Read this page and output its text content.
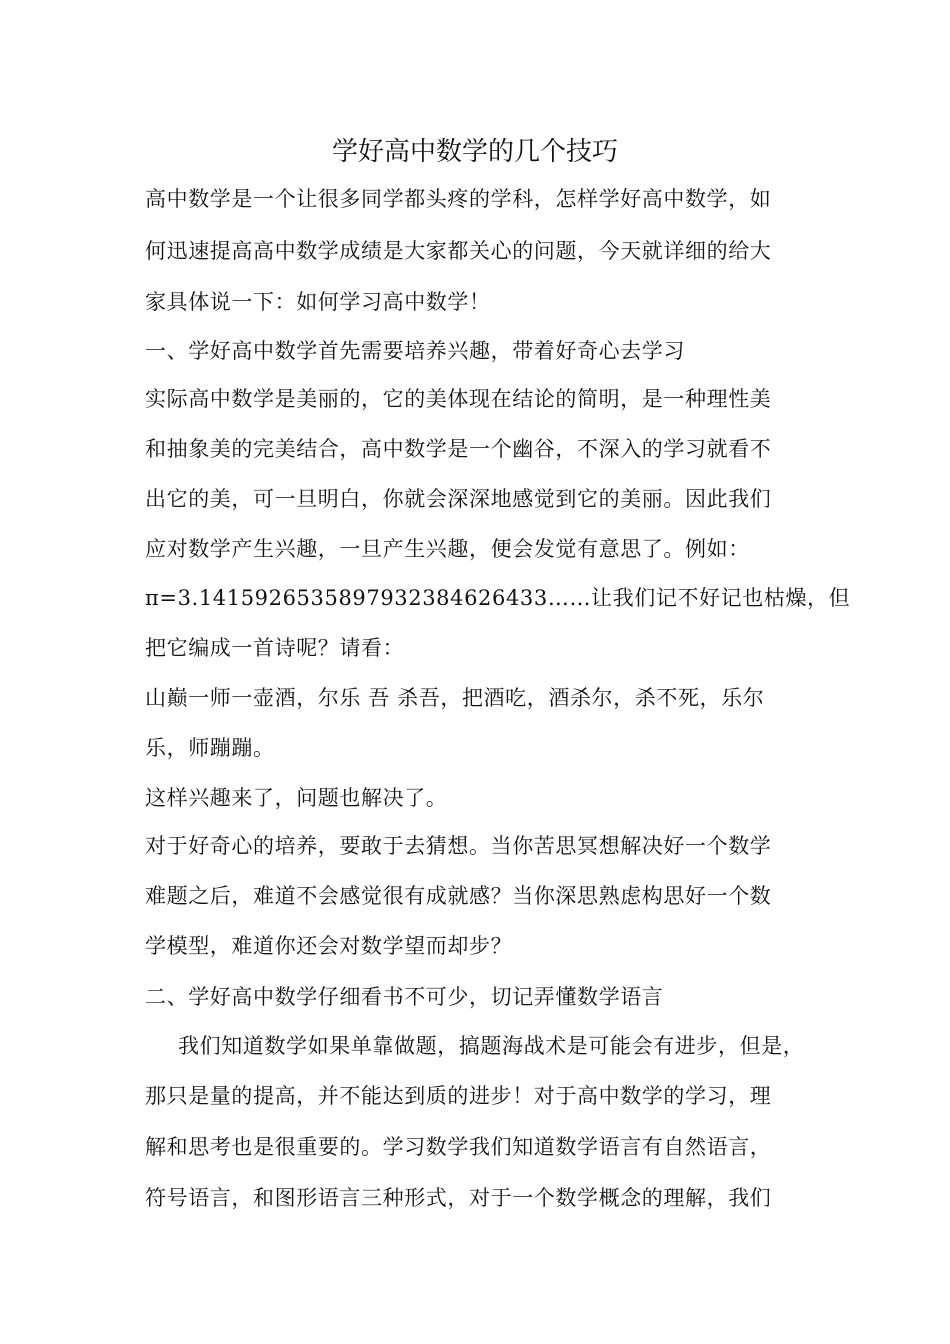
学好高中数学的几个技巧
高中数学是一个让很多同学都头疼的学科，怎样学好高中数学，如
何迅速提高高中数学成绩是大家都关心的问题，今天就详细的给大
家具体说一下：如何学习高中数学！
一、学好高中数学首先需要培养兴趣，带着好奇心去学习
实际高中数学是美丽的，它的美体现在结论的简明，是一种理性美
和抽象美的完美结合，高中数学是一个幽谷，不深入的学习就看不
出它的美，可一旦明白，你就会深深地感觉到它的美丽。因此我们
应对数学产生兴趣，一旦产生兴趣，便会发觉有意思了。例如：
π=3.14159265358979323846264​33……让我们记不好记也枯燥，但
把它编成一首诗呢？请看：
山巅一师一壶酒，尔乐 吾 杀吾，把酒吃，酒杀尔，杀不死，乐尔
乐，师蹦蹦。
这样兴趣来了，问题也解决了。
对于好奇心的培养，要敢于去猜想。当你苦思冥想解决好一个数学
难题之后，难道不会感觉很有成就感？当你深思熟虑构思好一个数
学模型，难道你还会对数学望而却步？
二、学好高中数学仔细看书不可少，切记弄懂数学语言
我们知道数学如果单靠做题，搞题海战术是可能会有进步，但是，
那只是量的提高，并不能达到质的进步！对于高中数学的学习，理
解和思考也是很重要的。学习数学我们知道数学语言有自然语言，
符号语言，和图形语言三种形式，对于一个数学概念的理解，我们
